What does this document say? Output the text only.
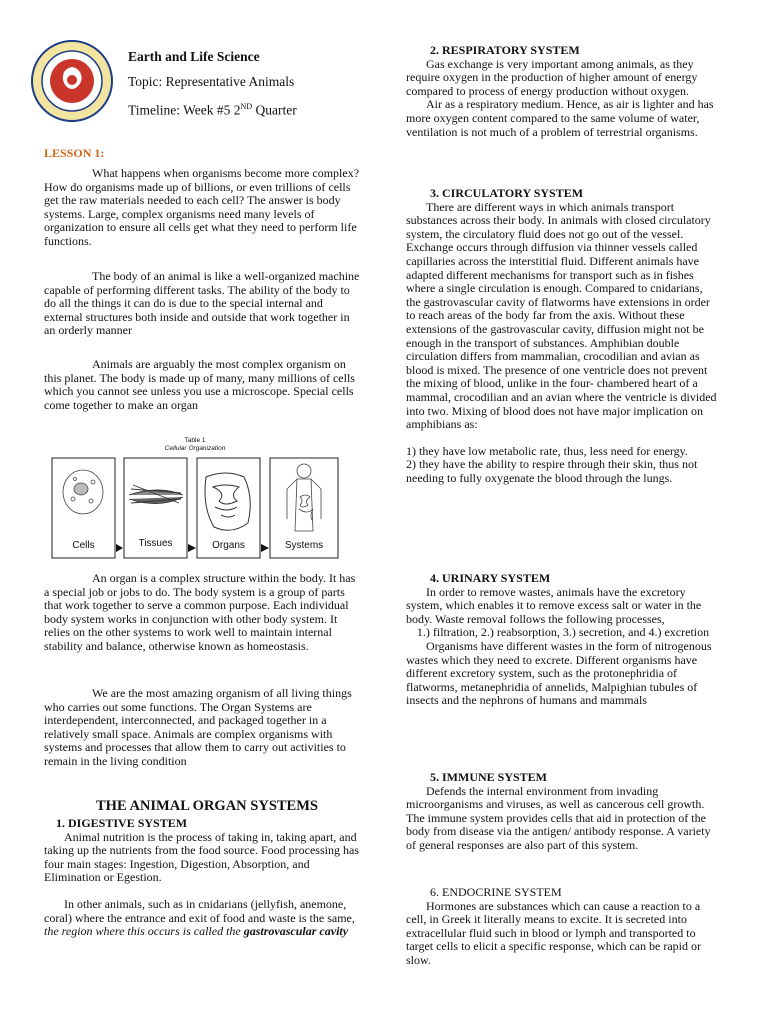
Earth and Life Science
Topic: Representative Animals
Timeline: Week #5 2ND Quarter
LESSON 1:

What happens when organisms become more complex? How do organisms made up of billions, or even trillions of cells get the raw materials needed to each cell? The answer is body systems. Large, complex organisms need many levels of organization to ensure all cells get what they need to perform life functions.

The body of an animal is like a well-organized machine capable of performing different tasks. The ability of the body to do all the things it can do is due to the special internal and external structures both inside and outside that work together in an orderly manner

Animals are arguably the most complex organism on this planet. The body is made up of many, many millions of cells which you cannot see unless you use a microscope. Special cells come together to make an organ

An organ is a complex structure within the body. It has a special job or jobs to do. The body system is a group of parts that work together to serve a common purpose. Each individual body system works in conjunction with other body system. It relies on the other systems to work well to maintain internal stability and balance, otherwise known as homeostasis.

We are the most amazing organism of all living things who carries out some functions. The Organ Systems are interdependent, interconnected, and packaged together in a relatively small space. Animals are complex organisms with systems and processes that allow them to carry out activities to remain in the living condition

1. DIGESTIVE SYSTEM

Animal nutrition is the process of taking in, taking apart, and taking up the nutrients from the food source. Food processing has four main stages: Ingestion, Digestion, Absorption, and Elimination or Egestion.

In other animals, such as in cnidarians (jellyfish, anemone, coral) where the entrance and exit of food and waste is the same, the region where this occurs is called the gastrovascular cavity

Table 1
Cellular Organization
Cells	Tissues	Organs	Systems
THE ANIMAL ORGAN SYSTEMS

2. RESPIRATORY SYSTEM

Gas exchange is very important among animals, as they require oxygen in the production of higher amount of energy compared to process of energy production without oxygen.

Air as a respiratory medium. Hence, as air is lighter and has more oxygen content compared to the same volume of water, ventilation is not much of a problem of terrestrial organisms.

3. CIRCULATORY SYSTEM

There are different ways in which animals transport substances across their body. In animals with closed circulatory system, the circulatory fluid does not go out of the vessel. Exchange occurs through diffusion via thinner vessels called capillaries across the interstitial fluid. Different animals have adapted different mechanisms for transport such as in fishes where a single circulation is enough. Compared to cnidarians, the gastrovascular cavity of flatworms have extensions in order to reach areas of the body far from the axis. Without these extensions of the gastrovascular cavity, diffusion might not be enough in the transport of substances. Amphibian double circulation differs from mammalian, crocodilian and avian as blood is mixed. The presence of one ventricle does not prevent the mixing of blood, unlike in the four- chambered heart of a mammal, crocodilian and an avian where the ventricle is divided into two. Mixing of blood does not have major implication on amphibians as:

1) they have low metabolic rate, thus, less need for energy.

2) they have the ability to respire through their skin, thus not needing to fully oxygenate the blood through the lungs.

4. URINARY SYSTEM

In order to remove wastes, animals have the excretory system, which enables it to remove excess salt or water in the body. Waste removal follows the following processes,

1.) filtration, 2.) reabsorption, 3.) secretion, and 4.) excretion

Organisms have different wastes in the form of nitrogenous wastes which they need to excrete. Different organisms have different excretory system, such as the protonephridia of flatworms, metanephridia of annelids, Malpighian tubules of insects and the nephrons of humans and mammals

5. IMMUNE SYSTEM

Defends the internal environment from invading microorganisms and viruses, as well as cancerous cell growth. The immune system provides cells that aid in protection of the body from disease via the antigen/ antibody response. A variety of general responses are also part of this system.

6. ENDOCRINE SYSTEM

Hormones are substances which can cause a reaction to a cell, in Greek it literally means to excite. It is secreted into extracellular fluid such in blood or lymph and transported to target cells to elicit a specific response, which can be rapid or slow.
